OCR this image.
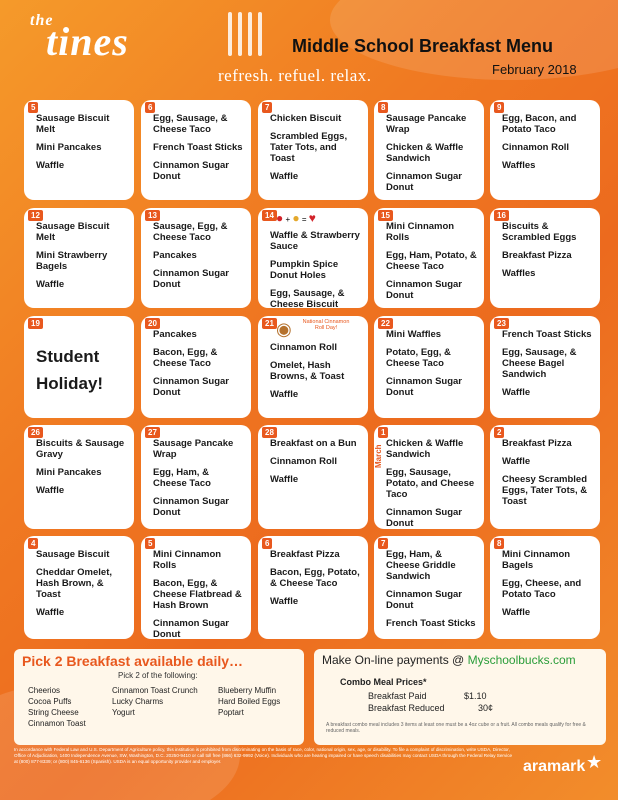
the
tines
refresh. refuel. relax.
Middle School Breakfast Menu
February 2018
5
Sausage Biscuit Melt
Mini Pancakes
Waffle
6
Egg, Sausage, & Cheese Taco
French Toast Sticks
Cinnamon Sugar Donut
7
Chicken Biscuit
Scrambled Eggs, Tater Tots, and Toast
Waffle
8
Sausage Pancake Wrap
Chicken & Waffle Sandwich
Cinnamon Sugar Donut
9
Egg, Bacon, and Potato Taco
Cinnamon Roll
Waffles
12
Sausage Biscuit Melt
Mini Strawberry Bagels
Waffle
13
Sausage, Egg, & Cheese Taco
Pancakes
Cinnamon Sugar Donut
14
Waffle & Strawberry Sauce
Pumpkin Spice Donut Holes
Egg, Sausage, & Cheese Biscuit
● + ● = ♥	15
Mini Cinnamon Rolls
Egg, Ham, Potato, & Cheese Taco
Cinnamon Sugar Donut
16
Biscuits & Scrambled Eggs
Breakfast Pizza
Waffles
19
Student Holiday!
20
Pancakes
Bacon, Egg, & Cheese Taco
Cinnamon Sugar Donut
21
Cinnamon Roll
Omelet, Hash Browns, & Toast
Waffle
◉ National Cinnamon Roll Day!	22
Mini Waffles
Potato, Egg, & Cheese Taco
Cinnamon Sugar Donut
23
French Toast Sticks
Egg, Sausage, & Cheese Bagel Sandwich
Waffle
26
Biscuits & Sausage Gravy
Mini Pancakes
Waffle
27
Sausage Pancake Wrap
Egg, Ham, & Cheese Taco
Cinnamon Sugar Donut
28
Breakfast on a Bun
Cinnamon Roll
Waffle
1
Chicken & Waffle Sandwich
Egg, Sausage, Potato, and Cheese Taco
Cinnamon Sugar Donut
2
Breakfast Pizza
Waffle
Cheesy Scrambled Eggs, Tater Tots, & Toast
4
Sausage Biscuit
Cheddar Omelet, Hash Brown, & Toast
Waffle
5
Mini Cinnamon Rolls
Bacon, Egg, & Cheese Flatbread & Hash Brown
Cinnamon Sugar Donut
6
Breakfast Pizza
Bacon, Egg, Potato, & Cheese Taco
Waffle
7
Egg, Ham, & Cheese Griddle Sandwich
Cinnamon Sugar Donut
French Toast Sticks
8
Mini Cinnamon Bagels
Egg, Cheese, and Potato Taco
Waffle
March
Pick 2 Breakfast available daily…
Pick 2 of the following:
Cheerios
Cocoa Puffs
String Cheese
Cinnamon Toast
Cinnamon Toast Crunch
Lucky Charms
Yogurt
Blueberry Muffin
Hard Boiled Eggs
Poptart
Make On-line payments @ Myschoolbucks.com
Combo Meal Prices*
Breakfast Paid	$1.10
Breakfast Reduced	30¢
A breakfast combo meal includes 3 items at least one must be a 4oz cube or a fruit. All combo meals qualify for free & reduced meals.
In accordance with Federal Law and U.S. Department of Agriculture policy, this institution is prohibited from discriminating on the basis of race, color, national origin, sex, age, or disability. To file a complaint of discrimination, write USDA, Director, Office of Adjudication, 1400 Independence Avenue, SW, Washington, D.C. 20250-9410 or call toll free (866) 632-9992 (Voice). Individuals who are hearing impaired or have speech disabilities may contact USDA through the Federal Relay Service at (800) 877-8339; or (800) 845-6136 (Spanish). USDA is an equal opportunity provider and employer.	aramark ★
